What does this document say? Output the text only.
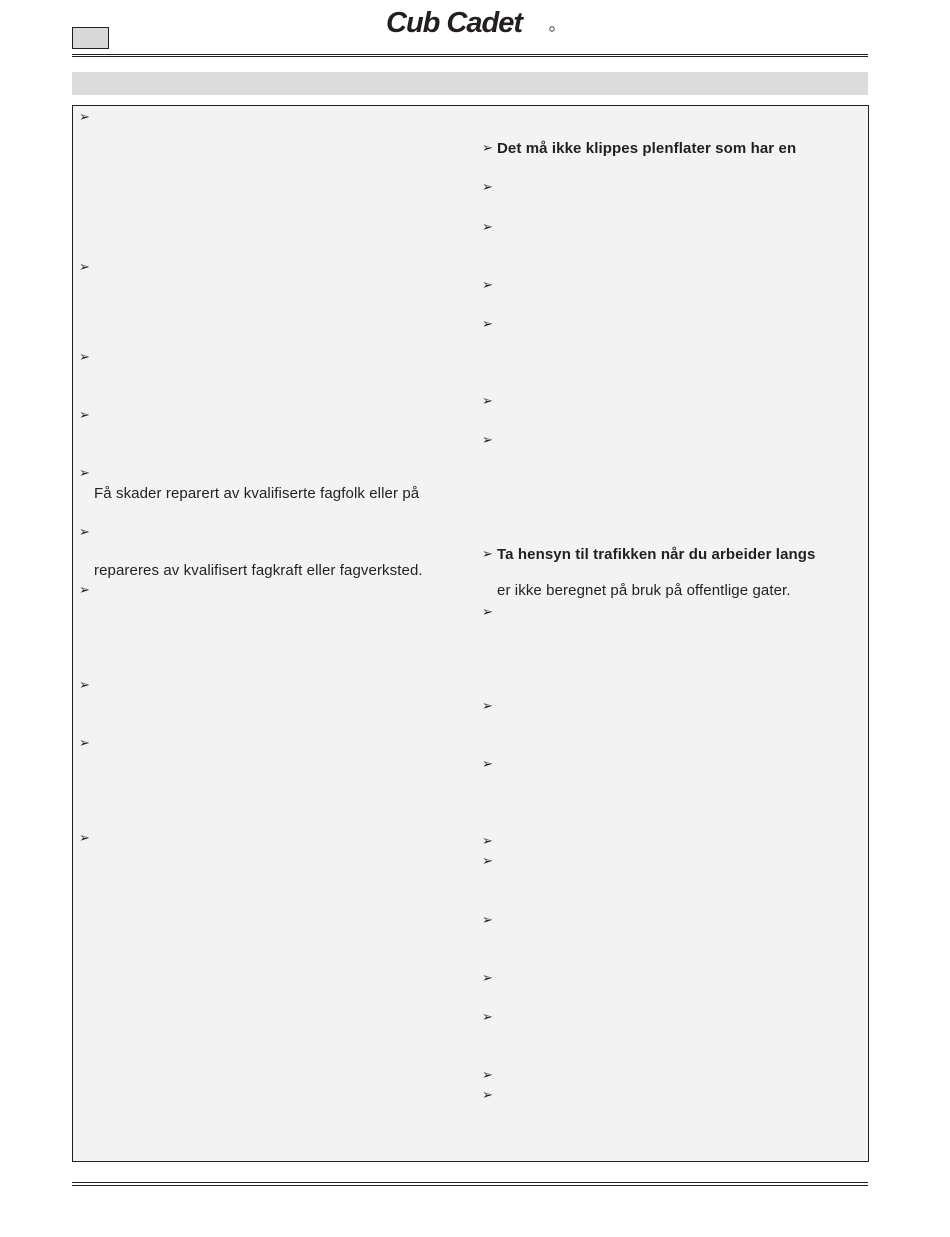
Cub Cadet
➢
➢
➢
➢
➢
Få skader reparert av kvalifiserte fagfolk eller på
➢
repareres av kvalifisert fagkraft eller fagverksted.
➢
➢
➢
➢
➢ Det må ikke klippes plenflater som har en
➢
➢
➢
➢
➢
➢
➢ Ta hensyn til trafikken når du arbeider langs
er ikke beregnet på bruk på offentlige gater.
➢
➢
➢
➢
➢
➢
➢
➢
➢
➢
